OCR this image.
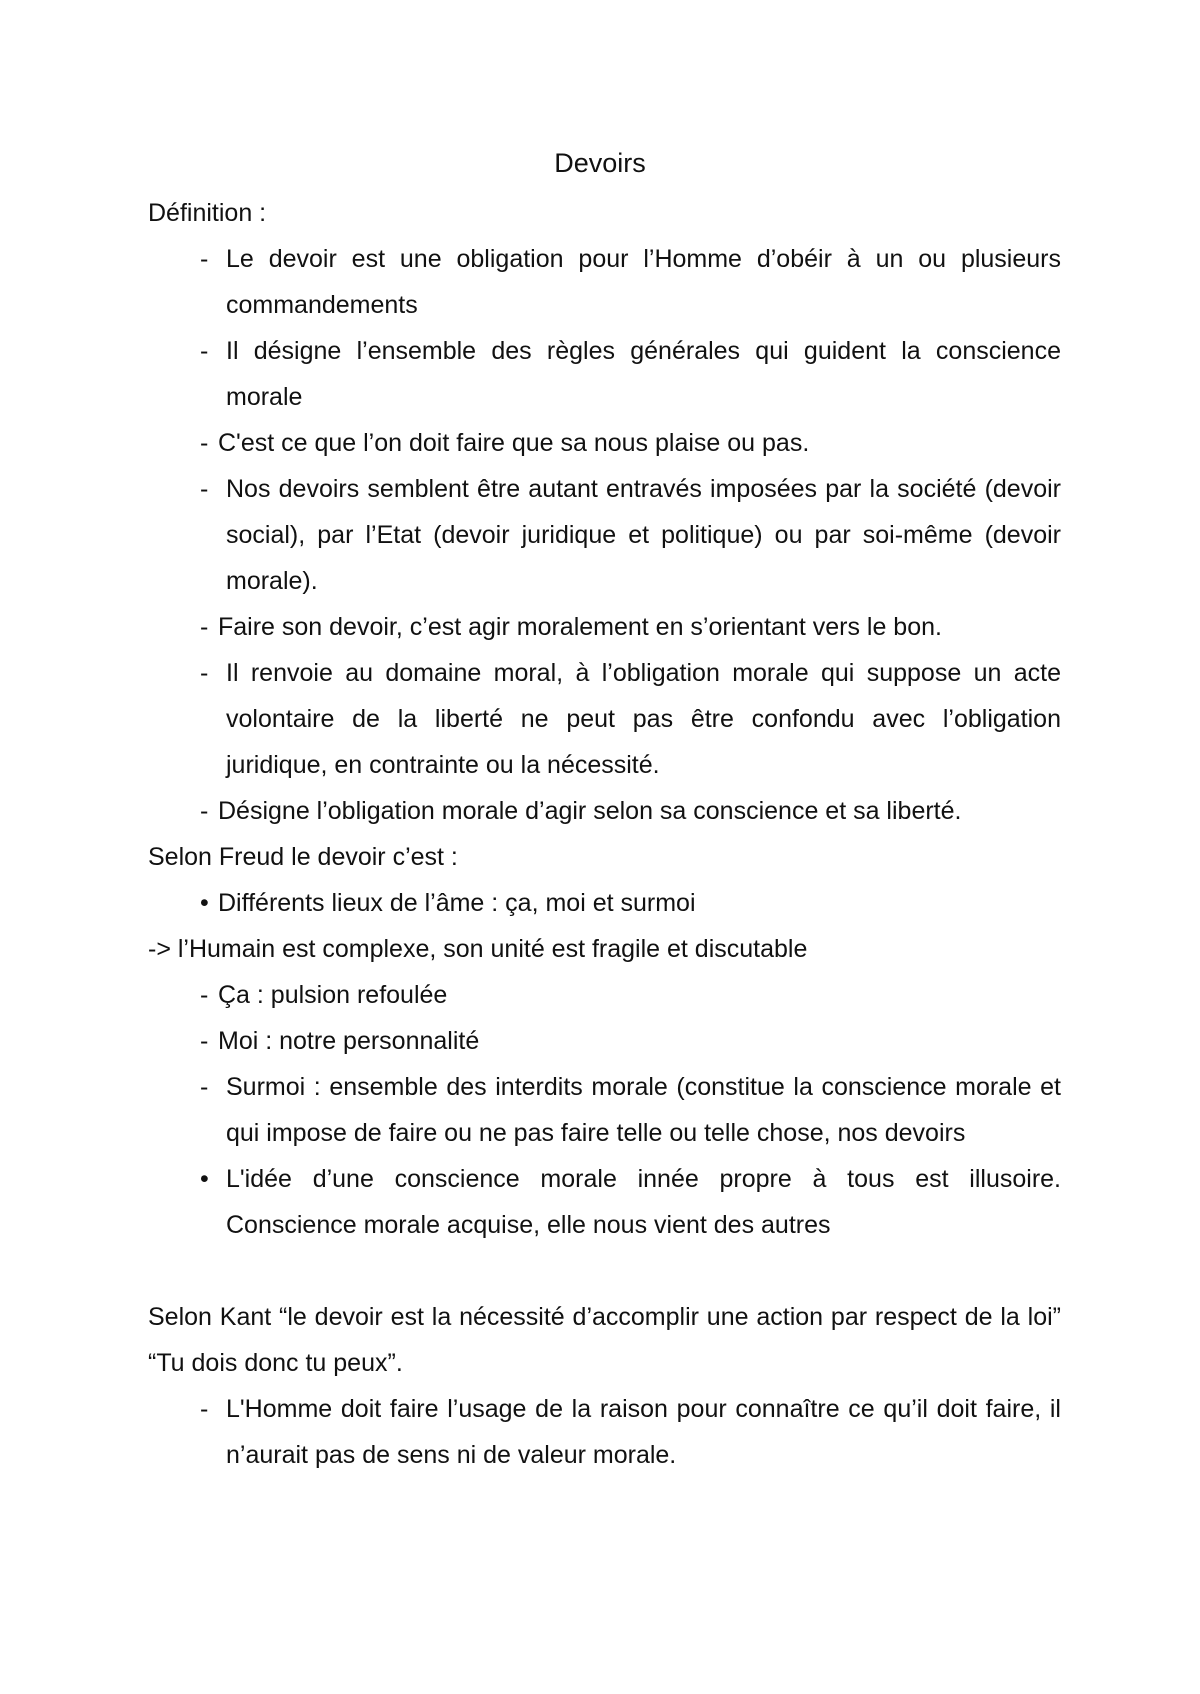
Devoirs

Définition :

- Le devoir est une obligation pour l’Homme d’obéir à un ou plusieurs commandements

- Il désigne l’ensemble des règles générales qui guident la conscience morale

- C'est ce que l’on doit faire que sa nous plaise ou pas.

- Nos devoirs semblent être autant entravés imposées par la société (devoir social), par l’Etat (devoir juridique et politique) ou par soi-même (devoir morale).

- Faire son devoir, c’est agir moralement en s’orientant vers le bon.

- Il renvoie au domaine moral, à l’obligation morale qui suppose un acte volontaire de la liberté ne peut pas être confondu avec l’obligation juridique, en contrainte ou la nécessité.

- Désigne l’obligation morale d’agir selon sa conscience et sa liberté.

Selon Freud le devoir c’est :

• Différents lieux de l’âme : ça, moi et surmoi

-> l’Humain est complexe, son unité est fragile et discutable

- Ça : pulsion refoulée

- Moi : notre personnalité

- Surmoi : ensemble des interdits morale (constitue la conscience morale et qui impose de faire ou ne pas faire telle ou telle chose, nos devoirs

• L'idée d’une conscience morale innée propre à tous est illusoire. Conscience morale acquise, elle nous vient des autres

Selon Kant “le devoir est la nécessité d’accomplir une action par respect de la loi” “Tu dois donc tu peux”.

- L'Homme doit faire l’usage de la raison pour connaître ce qu’il doit faire, il n’aurait pas de sens ni de valeur morale.
